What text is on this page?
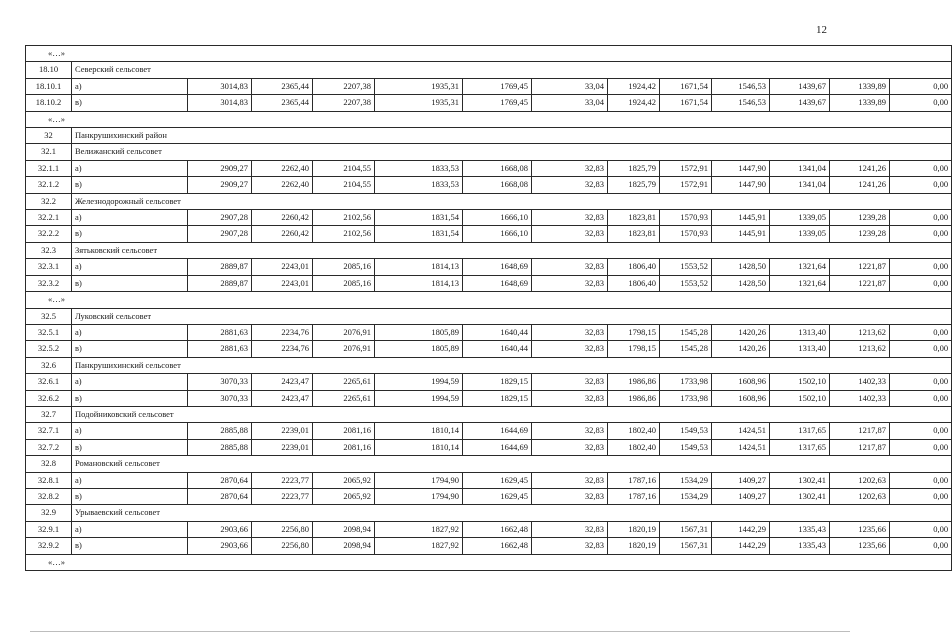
12
«…»													
18.10	Северский сельсовет												
18.10.1	а)	3014,83	2365,44	2207,38	1935,31	1769,45	33,04	1924,42	1671,54	1546,53	1439,67	1339,89	0,00
18.10.2	в)	3014,83	2365,44	2207,38	1935,31	1769,45	33,04	1924,42	1671,54	1546,53	1439,67	1339,89	0,00
«…»													
32	Панкрушихинский район												
32.1	Велижанский сельсовет												
32.1.1	а)	2909,27	2262,40	2104,55	1833,53	1668,08	32,83	1825,79	1572,91	1447,90	1341,04	1241,26	0,00
32.1.2	в)	2909,27	2262,40	2104,55	1833,53	1668,08	32,83	1825,79	1572,91	1447,90	1341,04	1241,26	0,00
32.2	Железнодорожный сельсовет												
32.2.1	а)	2907,28	2260,42	2102,56	1831,54	1666,10	32,83	1823,81	1570,93	1445,91	1339,05	1239,28	0,00
32.2.2	в)	2907,28	2260,42	2102,56	1831,54	1666,10	32,83	1823,81	1570,93	1445,91	1339,05	1239,28	0,00
32.3	Зятьковский сельсовет												
32.3.1	а)	2889,87	2243,01	2085,16	1814,13	1648,69	32,83	1806,40	1553,52	1428,50	1321,64	1221,87	0,00
32.3.2	в)	2889,87	2243,01	2085,16	1814,13	1648,69	32,83	1806,40	1553,52	1428,50	1321,64	1221,87	0,00
«…»													
32.5	Луковский сельсовет												
32.5.1	а)	2881,63	2234,76	2076,91	1805,89	1640,44	32,83	1798,15	1545,28	1420,26	1313,40	1213,62	0,00
32.5.2	в)	2881,63	2234,76	2076,91	1805,89	1640,44	32,83	1798,15	1545,28	1420,26	1313,40	1213,62	0,00
32.6	Панкрушихинский сельсовет												
32.6.1	а)	3070,33	2423,47	2265,61	1994,59	1829,15	32,83	1986,86	1733,98	1608,96	1502,10	1402,33	0,00
32.6.2	в)	3070,33	2423,47	2265,61	1994,59	1829,15	32,83	1986,86	1733,98	1608,96	1502,10	1402,33	0,00
32.7	Подойниковский сельсовет												
32.7.1	а)	2885,88	2239,01	2081,16	1810,14	1644,69	32,83	1802,40	1549,53	1424,51	1317,65	1217,87	0,00
32.7.2	в)	2885,88	2239,01	2081,16	1810,14	1644,69	32,83	1802,40	1549,53	1424,51	1317,65	1217,87	0,00
32.8	Романовский сельсовет												
32.8.1	а)	2870,64	2223,77	2065,92	1794,90	1629,45	32,83	1787,16	1534,29	1409,27	1302,41	1202,63	0,00
32.8.2	в)	2870,64	2223,77	2065,92	1794,90	1629,45	32,83	1787,16	1534,29	1409,27	1302,41	1202,63	0,00
32.9	Урываевский сельсовет												
32.9.1	а)	2903,66	2256,80	2098,94	1827,92	1662,48	32,83	1820,19	1567,31	1442,29	1335,43	1235,66	0,00
32.9.2	в)	2903,66	2256,80	2098,94	1827,92	1662,48	32,83	1820,19	1567,31	1442,29	1335,43	1235,66	0,00
«…»													
